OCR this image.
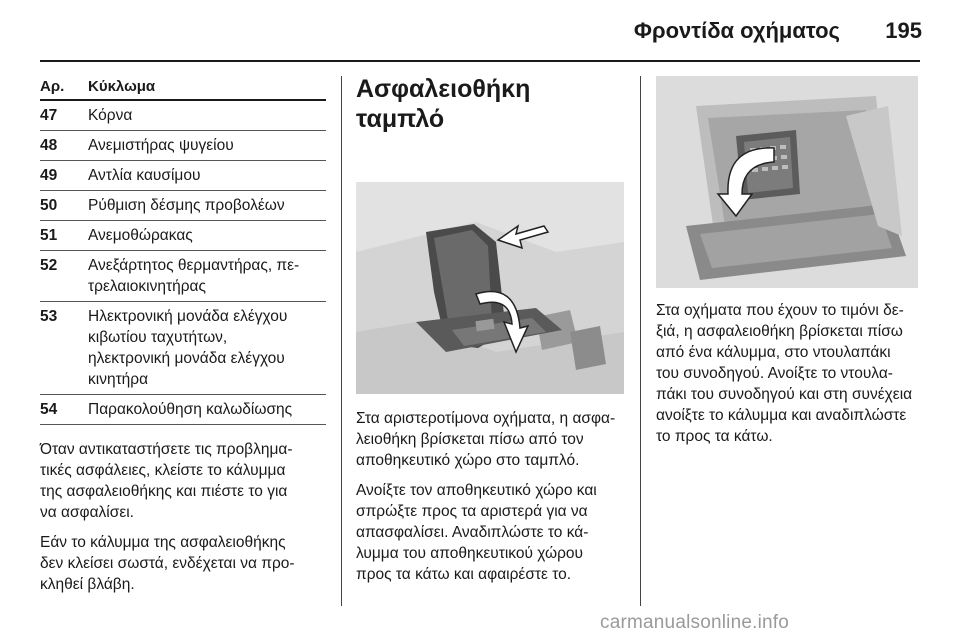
Φροντίδα οχήματος 195
Αρ.	Κύκλωμα
47	Κόρνα
48	Ανεμιστήρας ψυγείου
49	Αντλία καυσίμου
50	Ρύθμιση δέσμης προβολέων
51	Ανεμοθώρακας
52	Ανεξάρτητος θερμαντήρας, πε-
τρελαιοκινητήρας
53	Ηλεκτρονική μονάδα ελέγχου
κιβωτίου ταχυτήτων,
ηλεκτρονική μονάδα ελέγχου
κινητήρα
54	Παρακολούθηση καλωδίωσης

Όταν αντικαταστήσετε τις προβλημα-
τικές ασφάλειες, κλείστε το κάλυμμα
της ασφαλειοθήκης και πιέστε το για
να ασφαλίσει.

Εάν το κάλυμμα της ασφαλειοθήκης
δεν κλείσει σωστά, ενδέχεται να προ-
κληθεί βλάβη.

Ασφαλειοθήκη ταμπλό

Στα αριστεροτίμονα οχήματα, η ασφα-
λειοθήκη βρίσκεται πίσω από τον
αποθηκευτικό χώρο στο ταμπλό.

Ανοίξτε τον αποθηκευτικό χώρο και
σπρώξτε προς τα αριστερά για να
απασφαλίσει. Αναδιπλώστε το κά-
λυμμα του αποθηκευτικού χώρου
προς τα κάτω και αφαιρέστε το.

Στα οχήματα που έχουν το τιμόνι δε-
ξιά, η ασφαλειοθήκη βρίσκεται πίσω
από ένα κάλυμμα, στο ντουλαπάκι
του συνοδηγού. Ανοίξτε το ντουλα-
πάκι του συνοδηγού και στη συνέχεια
ανοίξτε το κάλυμμα και αναδιπλώστε
το προς τα κάτω.

carmanualsonline.info
